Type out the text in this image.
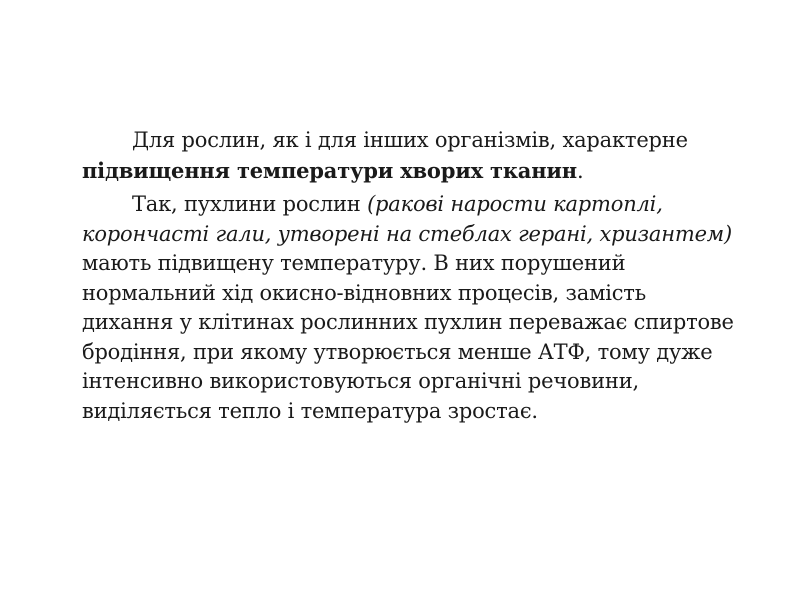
Для рослин, як і для інших організмів, характерне підвищення температури хворих тканин.

Так, пухлини рослин (ракові нарости картоплі, корончасті гали, утворені на стеблах герані, хризантем) мають підвищену температуру. В них порушений нормальний хід окисно-відновних процесів, замість дихання у клітинах рослинних пухлин переважає спиртове бродіння, при якому утворюється менше АТФ, тому дуже інтенсивно використовуються органічні речовини, виділяється тепло і температура зростає.
